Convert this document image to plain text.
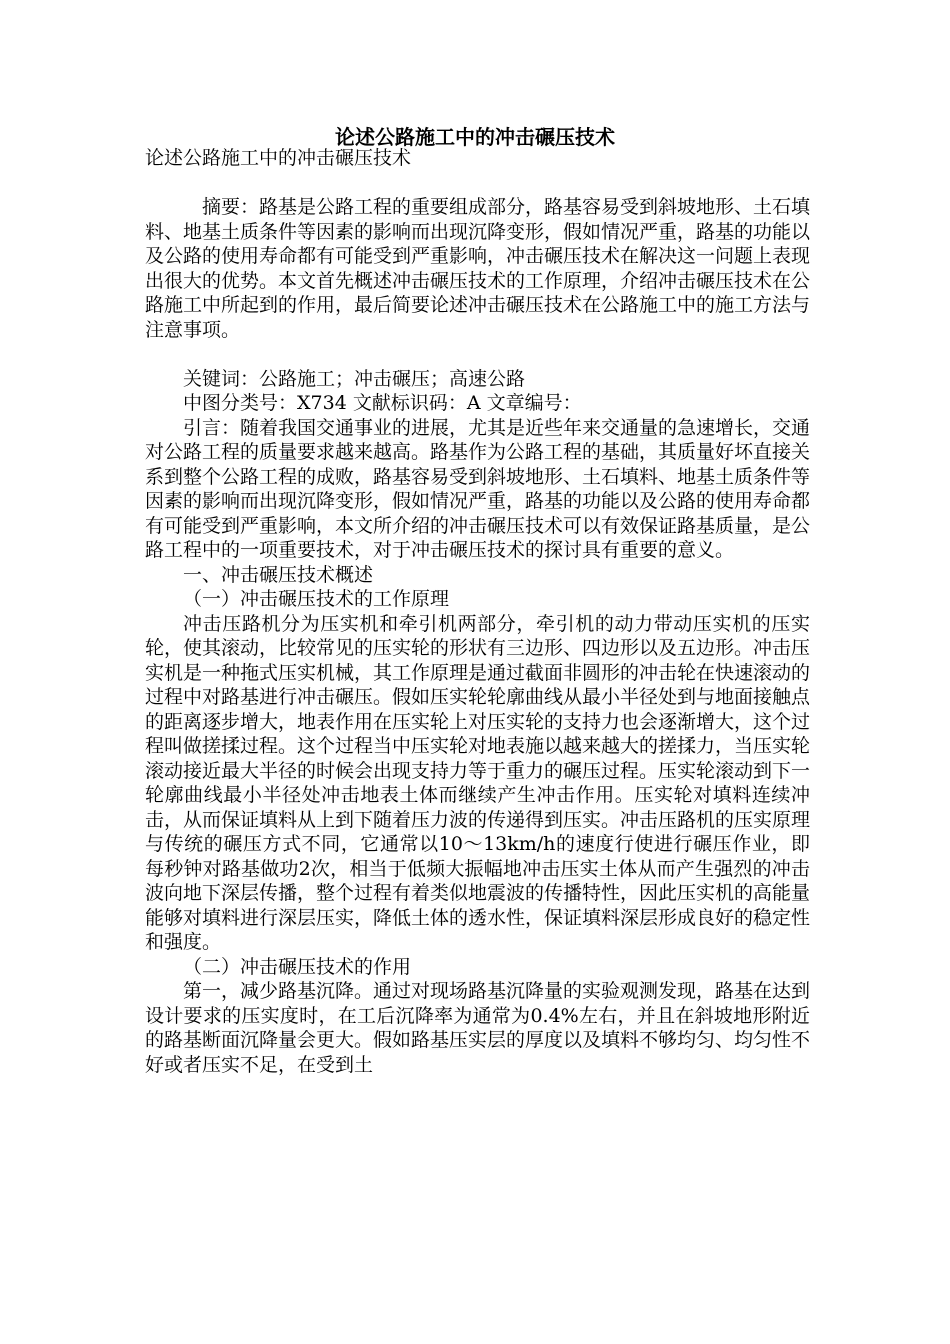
论述公路施工中的冲击碾压技术

论述公路施工中的冲击碾压技术

摘要：路基是公路工程的重要组成部分，路基容易受到斜坡地形、土石填料、地基土质条件等因素的影响而出现沉降变形，假如情况严重，路基的功能以及公路的使用寿命都有可能受到严重影响，冲击碾压技术在解决这一问题上表现出很大的优势。本文首先概述冲击碾压技术的工作原理，介绍冲击碾压技术在公路施工中所起到的作用，最后简要论述冲击碾压技术在公路施工中的施工方法与注意事项。

关键词：公路施工；冲击碾压；高速公路

中图分类号：X734 文献标识码：A 文章编号：

引言：随着我国交通事业的进展，尤其是近些年来交通量的急速增长，交通对公路工程的质量要求越来越高。路基作为公路工程的基础，其质量好坏直接关系到整个公路工程的成败，路基容易受到斜坡地形、土石填料、地基土质条件等因素的影响而出现沉降变形，假如情况严重，路基的功能以及公路的使用寿命都有可能受到严重影响，本文所介绍的冲击碾压技术可以有效保证路基质量，是公路工程中的一项重要技术，对于冲击碾压技术的探讨具有重要的意义。

一、冲击碾压技术概述

（一）冲击碾压技术的工作原理

冲击压路机分为压实机和牵引机两部分，牵引机的动力带动压实机的压实轮，使其滚动，比较常见的压实轮的形状有三边形、四边形以及五边形。冲击压实机是一种拖式压实机械，其工作原理是通过截面非圆形的冲击轮在快速滚动的过程中对路基进行冲击碾压。假如压实轮轮廓曲线从最小半径处到与地面接触点的距离逐步增大，地表作用在压实轮上对压实轮的支持力也会逐渐增大，这个过程叫做搓揉过程。这个过程当中压实轮对地表施以越来越大的搓揉力，当压实轮滚动接近最大半径的时候会出现支持力等于重力的碾压过程。压实轮滚动到下一轮廓曲线最小半径处冲击地表土体而继续产生冲击作用。压实轮对填料连续冲击，从而保证填料从上到下随着压力波的传递得到压实。冲击压路机的压实原理与传统的碾压方式不同，它通常以10～13km/h的速度行使进行碾压作业，即每秒钟对路基做功2次，相当于低频大振幅地冲击压实土体从而产生强烈的冲击波向地下深层传播，整个过程有着类似地震波的传播特性，因此压实机的高能量能够对填料进行深层压实，降低土体的透水性，保证填料深层形成良好的稳定性和强度。

（二）冲击碾压技术的作用

第一，减少路基沉降。通过对现场路基沉降量的实验观测发现，路基在达到设计要求的压实度时，在工后沉降率为通常为0.4%左右，并且在斜坡地形附近的路基断面沉降量会更大。假如路基压实层的厚度以及填料不够均匀、均匀性不好或者压实不足，在受到土
